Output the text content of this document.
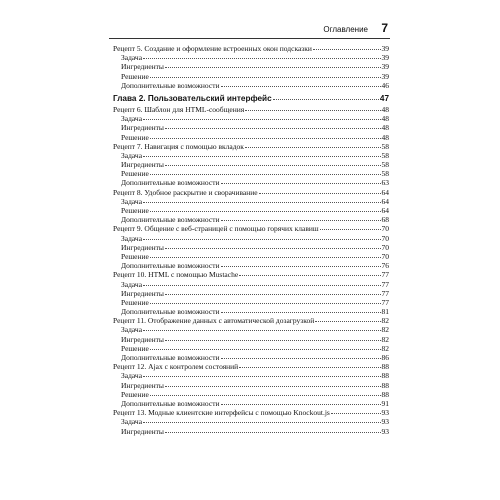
Оглавление 7
Рецепт 5. Создание и оформление встроенных окон подсказки	39
Задача	39
Ингредиенты	39
Решение	39
Дополнительные возможности	46
Глава 2. Пользовательский интерфейс	47
Рецепт 6. Шаблон для HTML-сообщения	48
Задача	48
Ингредиенты	48
Решение	48
Рецепт 7. Навигация с помощью вкладок	58
Задача	58
Ингредиенты	58
Решение	58
Дополнительные возможности	63
Рецепт 8. Удобное раскрытие и сворачивание	64
Задача	64
Решение	64
Дополнительные возможности	68
Рецепт 9. Общение с веб-страницей с помощью горячих клавиш	70
Задача	70
Ингредиенты	70
Решение	70
Дополнительные возможности	76
Рецепт 10. HTML с помощью Mustache	77
Задача	77
Ингредиенты	77
Решение	77
Дополнительные возможности	81
Рецепт 11. Отображение данных с автоматической дозагрузкой	82
Задача	82
Ингредиенты	82
Решение	82
Дополнительные возможности	86
Рецепт 12. Ajax с контролем состояний	88
Задача	88
Ингредиенты	88
Решение	88
Дополнительные возможности	91
Рецепт 13. Модные клиентские интерфейсы с помощью Knockout.js	93
Задача	93
Ингредиенты	93
